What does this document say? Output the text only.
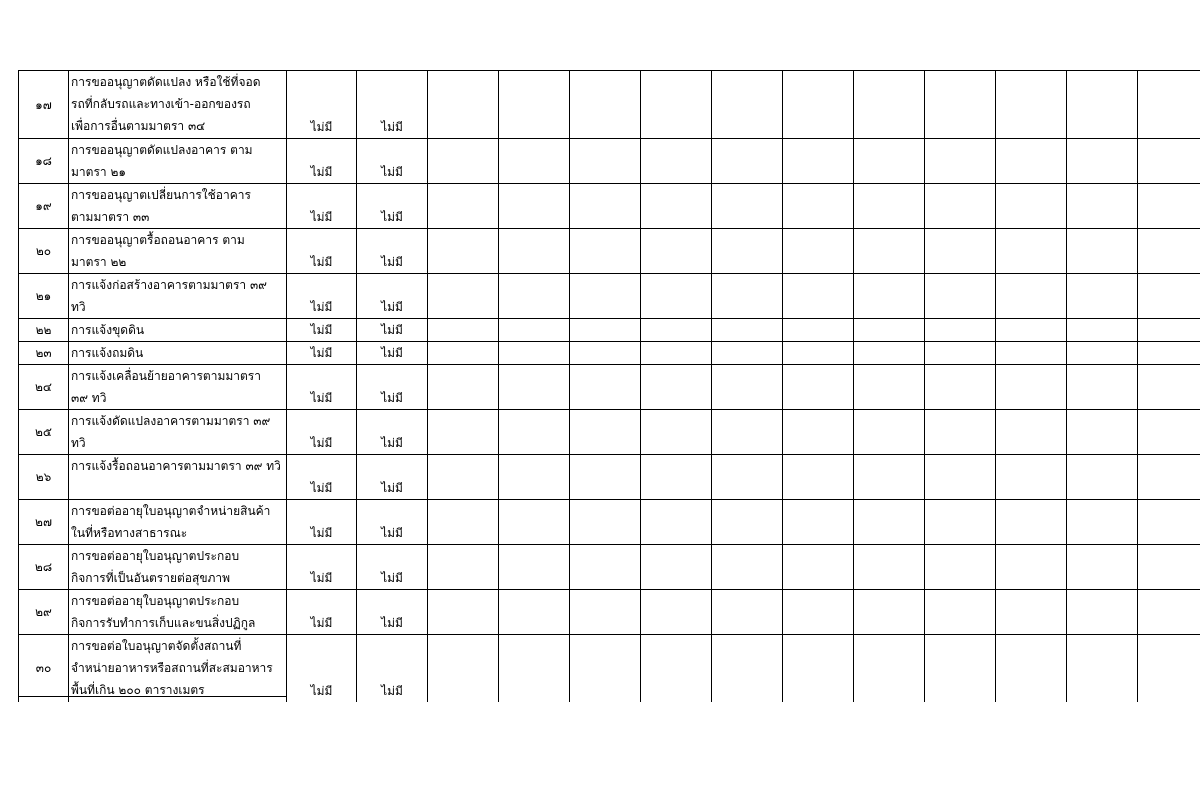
๑๗	การขออนุญาตดัดแปลง หรือใช้ที่จอด
รถที่กลับรถและทางเข้า-ออกของรถ
เพื่อการอื่นตามมาตรา ๓๔	ไม่มี	ไม่มี											
๑๘	การขออนุญาตดัดแปลงอาคาร ตาม
มาตรา ๒๑	ไม่มี	ไม่มี											
๑๙	การขออนุญาตเปลี่ยนการใช้อาคาร
ตามมาตรา ๓๓	ไม่มี	ไม่มี											
๒๐	การขออนุญาตรื้อถอนอาคาร ตาม
มาตรา ๒๒	ไม่มี	ไม่มี											
๒๑	การแจ้งก่อสร้างอาคารตามมาตรา ๓๙
ทวิ	ไม่มี	ไม่มี											
๒๒	การแจ้งขุดดิน	ไม่มี	ไม่มี											
๒๓	การแจ้งถมดิน	ไม่มี	ไม่มี											
๒๔	การแจ้งเคลื่อนย้ายอาคารตามมาตรา
๓๙ ทวิ	ไม่มี	ไม่มี											
๒๕	การแจ้งดัดแปลงอาคารตามมาตรา ๓๙
ทวิ	ไม่มี	ไม่มี											
๒๖	การแจ้งรื้อถอนอาคารตามมาตรา ๓๙ ทวิ	ไม่มี	ไม่มี											
๒๗	การขอต่ออายุใบอนุญาตจำหน่ายสินค้า
ในที่หรือทางสาธารณะ	ไม่มี	ไม่มี											
๒๘	การขอต่ออายุใบอนุญาตประกอบ
กิจการที่เป็นอันตรายต่อสุขภาพ	ไม่มี	ไม่มี											
๒๙	การขอต่ออายุใบอนุญาตประกอบ
กิจการรับทำการเก็บและขนสิ่งปฏิกูล	ไม่มี	ไม่มี											
๓๐	การขอต่อใบอนุญาตจัดตั้งสถานที่
จำหน่ายอาหารหรือสถานที่สะสมอาหาร
พื้นที่เกิน ๒๐๐ ตารางเมตร	ไม่มี	ไม่มี											
